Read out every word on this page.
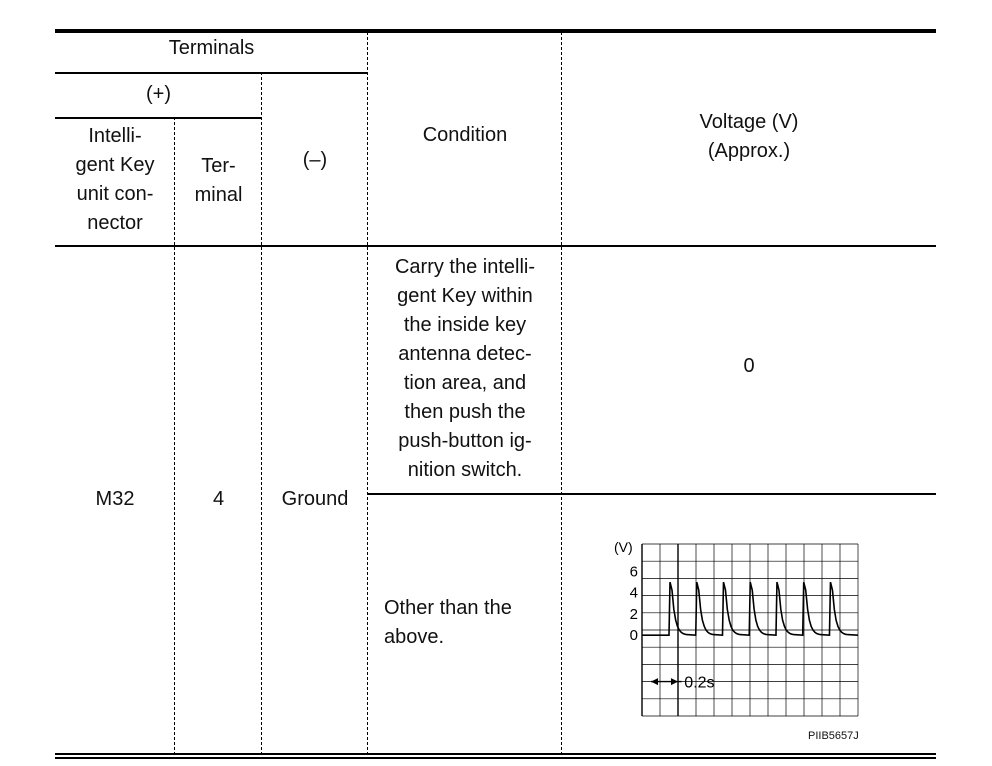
Terminals
(+)
Intelli-
gent Key
unit con-
nector
Ter-
minal
(–)
Condition
Voltage (V)
(Approx.)
M32	4	Ground
Carry the intelli-
gent Key within
the inside key
antenna detec-
tion area, and
then push the
push-button ig-
nition switch.
0
Other than the
above.
6
4
2
0
(V)
0.2s
PIIB5657J
